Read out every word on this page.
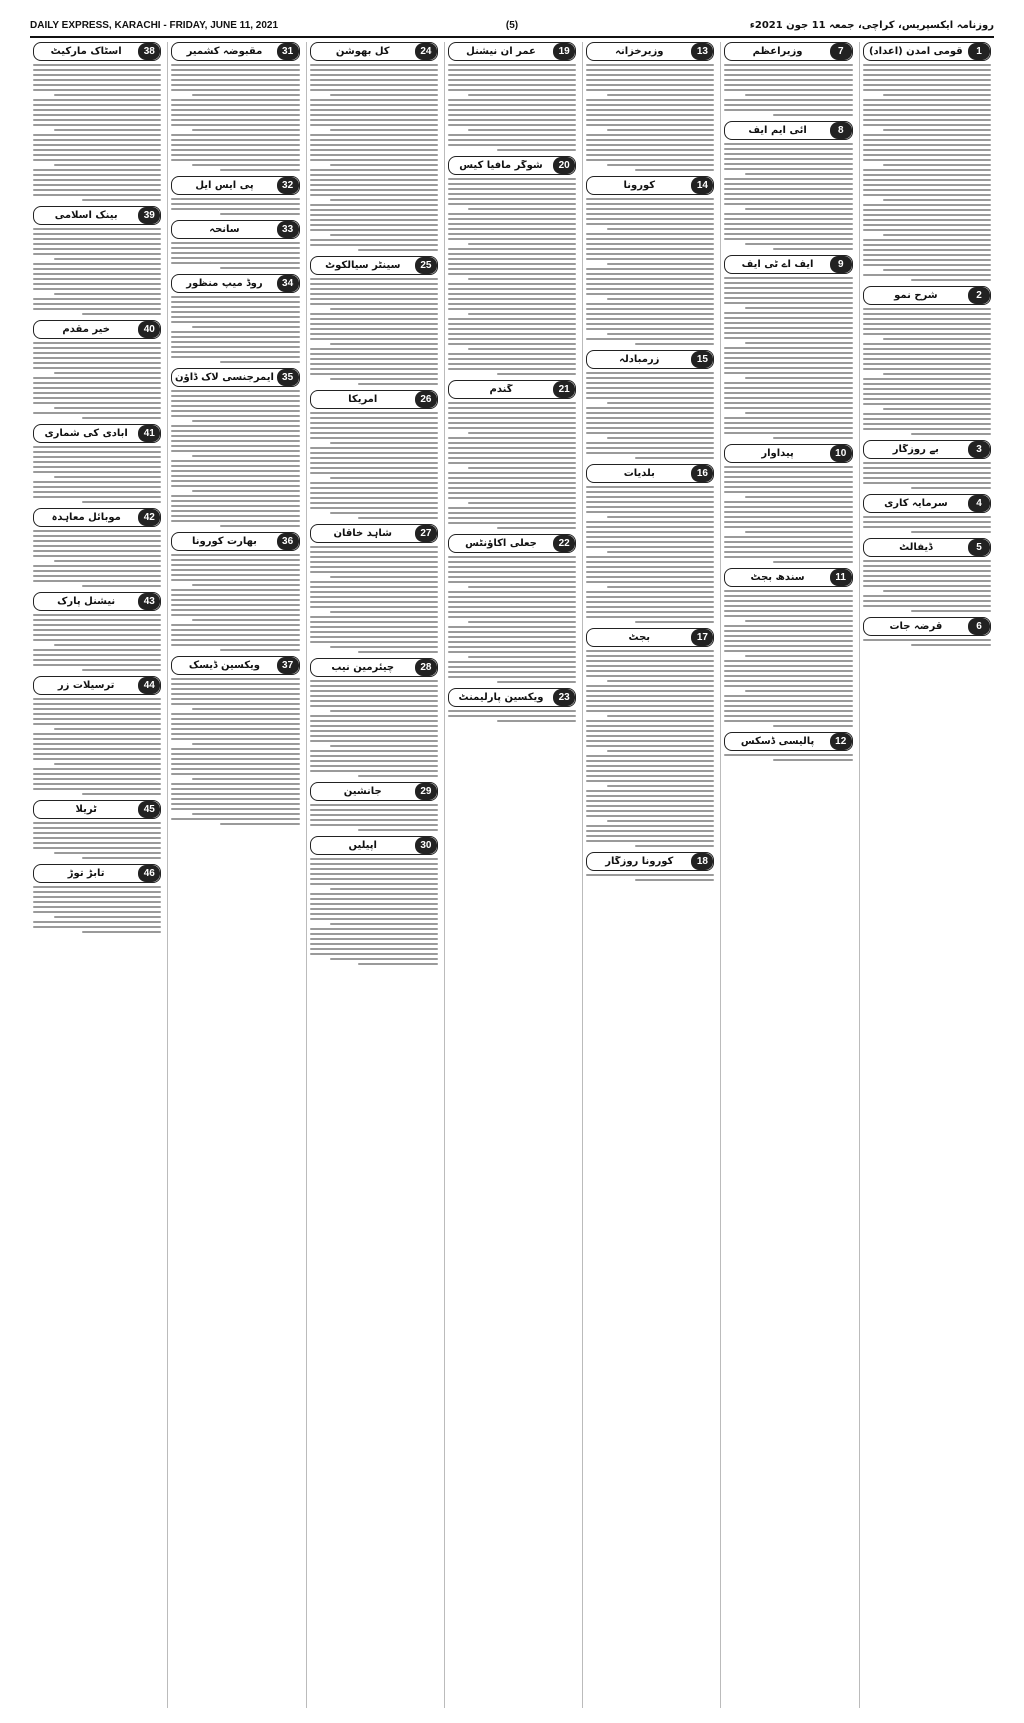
DAILY EXPRESS, KARACHI - FRIDAY, JUNE 11, 2021	(5)	روزنامہ ایکسپریس، کراچی، جمعہ 11 جون 2021ء
1
قومی آمدن (اعداد)
2
شرح نمو
3
بے روزگار
4
سرمایہ کاری
5
ڈیفالٹ
6
قرضہ جات
7
وزیراعظم
8
آئی ایم ایف
9
ایف اے ٹی ایف
10
پیداوار
11
سندھ بجٹ
12
پالیسی ڈسکس
13
وزیرخزانہ
14
کورونا
15
زرمبادلہ
16
بلدیات
17
بجٹ
18
کورونا روزگار
19
عمر ان نیشنل
20
شوگر مافیا کیس
21
گندم
22
جعلی اکاؤنٹس
23
ویکسین پارلیمنٹ
24
کل بھوشن
25
سینٹر سیالکوٹ
26
امریکا
27
شاہد خاقان
28
چیئرمین نیب
29
جانشین
30
اپیلیں
31
مقبوضہ کشمیر
32
پی ایس ایل
33
سانحہ
34
روڈ میپ منظور
35
ایمرجنسی لاک ڈاؤن
36
بھارت کورونا
37
ویکسین ڈیسک
38
اسٹاک مارکیٹ
39
بینک اسلامی
40
خیر مقدم
41
آبادی کی شماری
42
موبائل معاہدہ
43
نیشنل پارک
44
ترسیلات زر
45
ٹریلا
46
تابڑ توڑ
